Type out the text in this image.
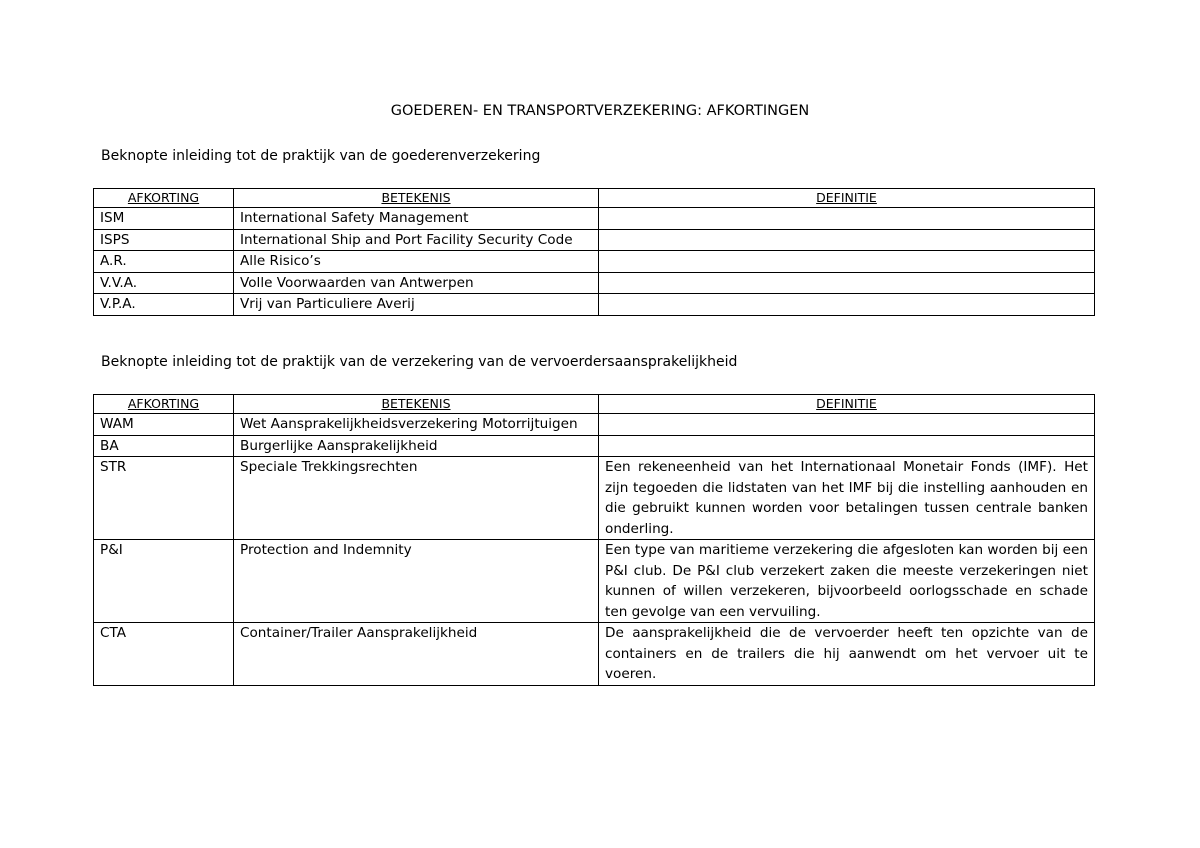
GOEDEREN- EN TRANSPORTVERZEKERING: AFKORTINGEN
Beknopte inleiding tot de praktijk van de goederenverzekering
AFKORTING	BETEKENIS	DEFINITIE
ISM	International Safety Management	
ISPS	International Ship and Port Facility Security Code	
A.R.	Alle Risico’s	
V.V.A.	Volle Voorwaarden van Antwerpen	
V.P.A.	Vrij van Particuliere Averij	
Beknopte inleiding tot de praktijk van de verzekering van de vervoerdersaansprakelijkheid
AFKORTING	BETEKENIS	DEFINITIE
WAM	Wet Aansprakelijkheidsverzekering Motorrijtuigen	
BA	Burgerlijke Aansprakelijkheid	
STR	Speciale Trekkingsrechten	Een rekeneenheid van het Internationaal Monetair Fonds (IMF). Het zijn tegoeden die lidstaten van het IMF bij die instelling aanhouden en die gebruikt kunnen worden voor betalingen tussen centrale banken onderling.
P&I	Protection and Indemnity	Een type van maritieme verzekering die afgesloten kan worden bij een P&I club. De P&I club verzekert zaken die meeste verzekeringen niet kunnen of willen verzekeren, bijvoorbeeld oorlogsschade en schade ten gevolge van een vervuiling.
CTA	Container/Trailer Aansprakelijkheid	De aansprakelijkheid die de vervoerder heeft ten opzichte van de containers en de trailers die hij aanwendt om het vervoer uit te voeren.
